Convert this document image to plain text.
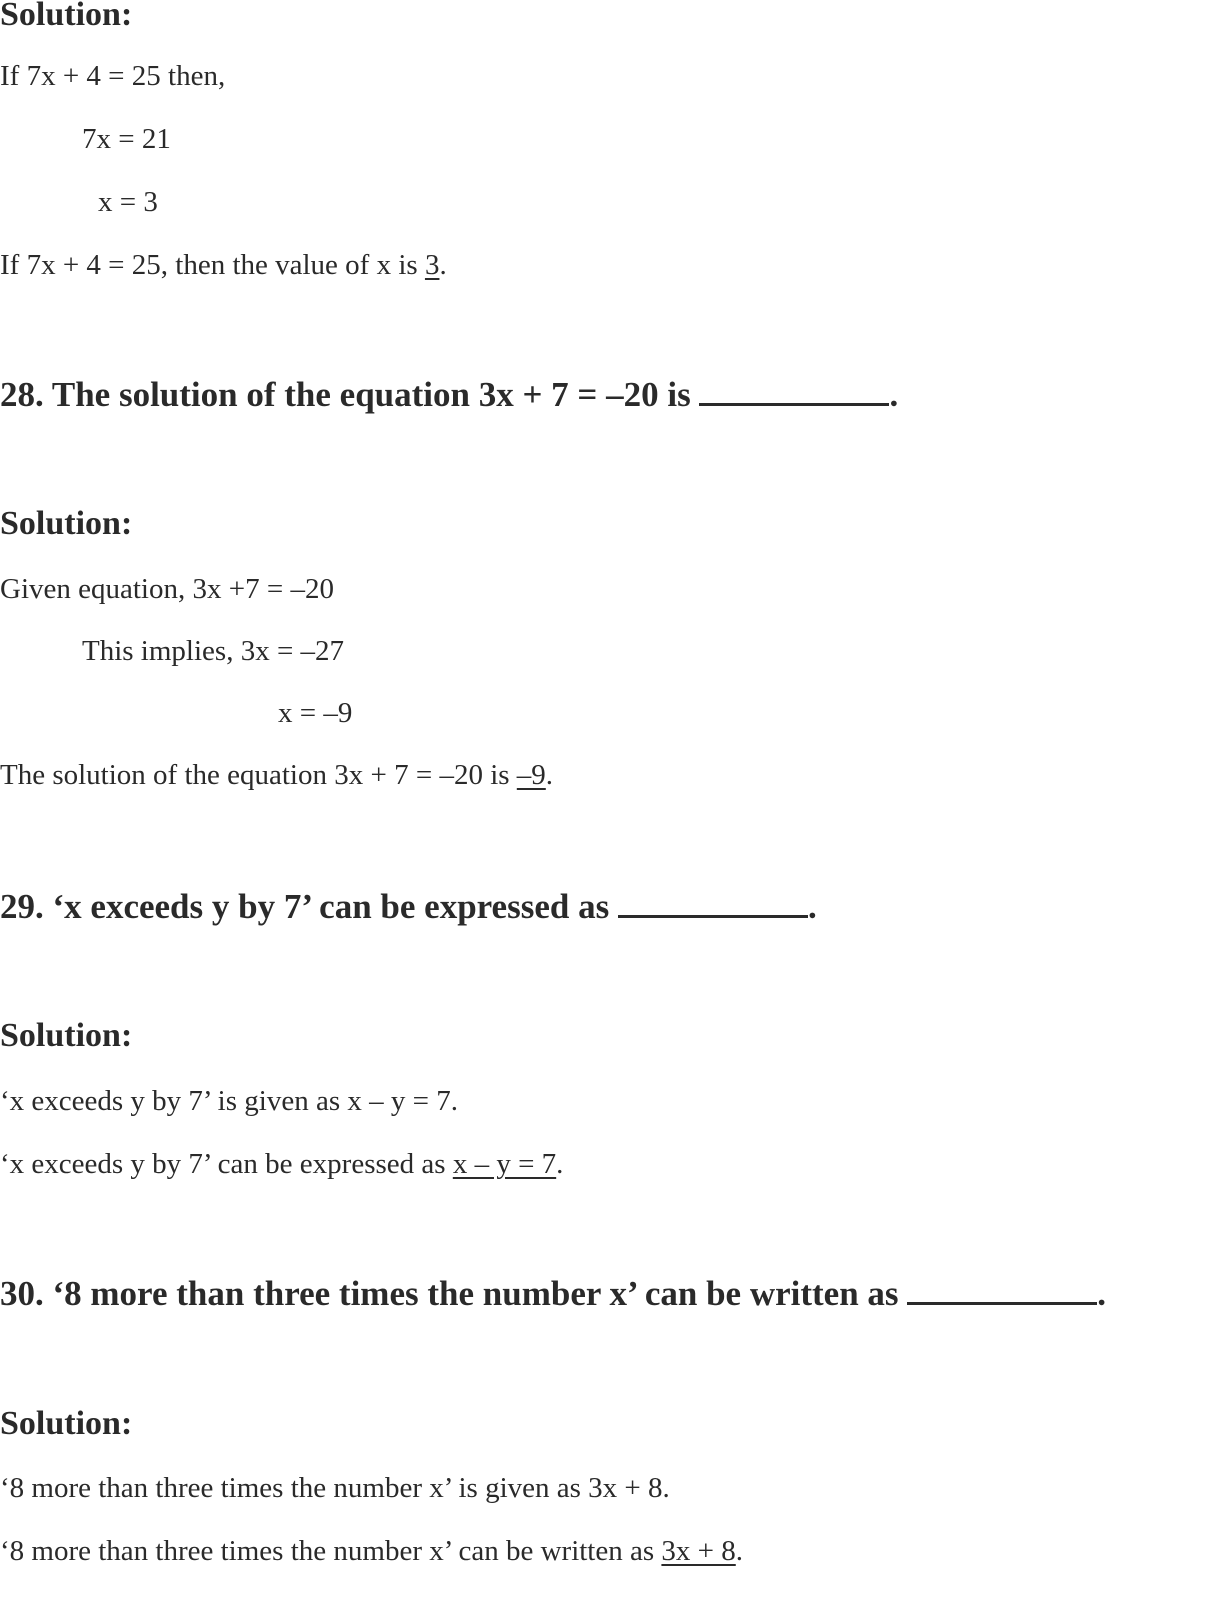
Solution:
If 7x + 4 = 25 then,
7x = 21
x = 3
If 7x + 4 = 25, then the value of x is 3.
28. The solution of the equation 3x + 7 = –20 is	.
Solution:
Given equation, 3x +7 = –20
This implies, 3x = –27
x = –9
The solution of the equation 3x + 7 = –20 is –9.
29. ‘x exceeds y by 7’ can be expressed as	.
Solution:
‘x exceeds y by 7’ is given as x – y = 7.
‘x exceeds y by 7’ can be expressed as x – y = 7.
30. ‘8 more than three times the number x’ can be written as	.
Solution:
‘8 more than three times the number x’ is given as 3x + 8.
‘8 more than three times the number x’ can be written as 3x + 8.
